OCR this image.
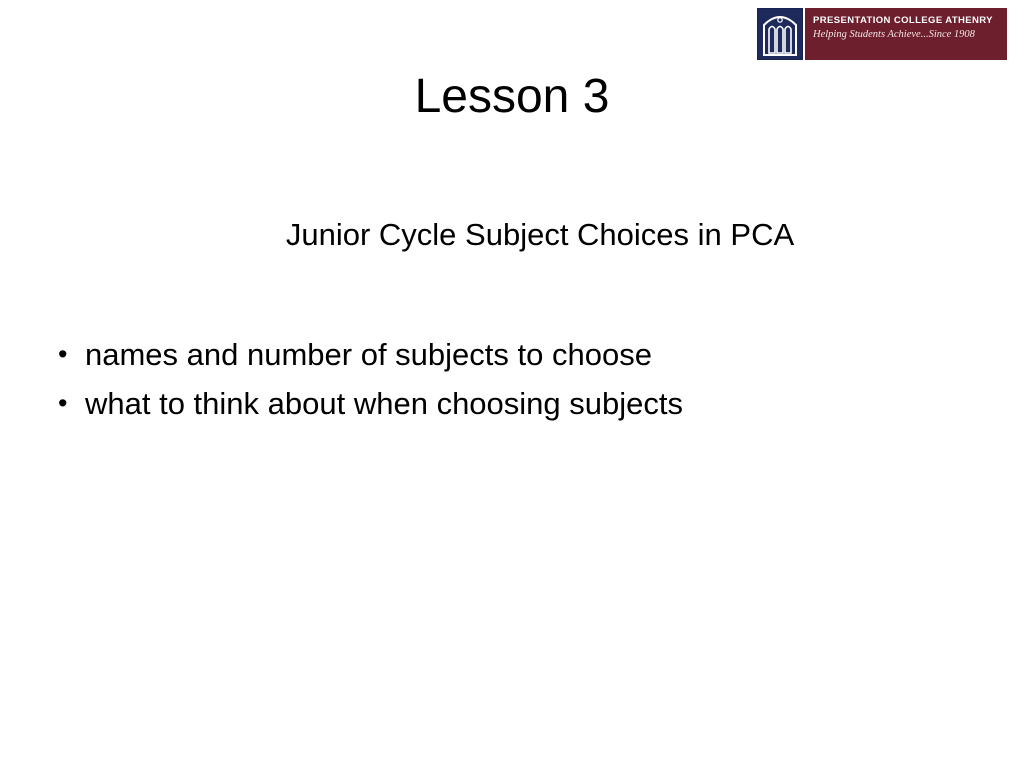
PRESENTATION COLLEGE ATHENRY
Helping Students Achieve...Since 1908
Lesson 3
Junior Cycle Subject Choices in PCA
• names and number of subjects to choose
• what to think about when choosing subjects
